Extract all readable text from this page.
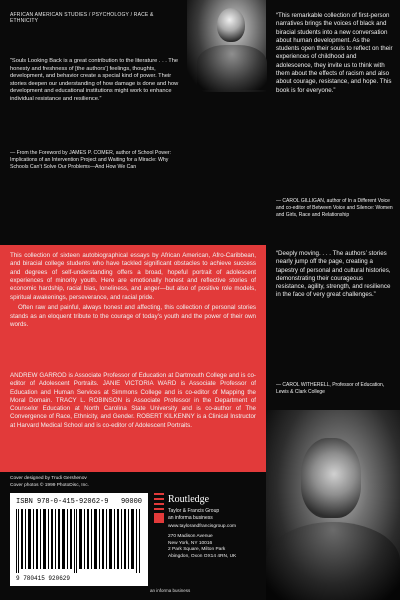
AFRICAN AMERICAN STUDIES / PSYCHOLOGY / RACE & ETHNICITY
“Souls Looking Back is a great contribution to the literature . . . The honesty and freshness of [the authors’] feelings, thoughts, development, and behavior create a special kind of power. Their stories deepen our understanding of how damage is done and how development and educational institutions might work to enhance individual resistance and resilience.”
— From the Foreword by JAMES P. COMER, author of School Power: Implications of an Intervention Project and Waiting for a Miracle: Why Schools Can’t Solve Our Problems—And How We Can

This collection of sixteen autobiographical essays by African American, Afro-Caribbean, and biracial college students who have tackled significant obstacles to achieve success and degrees of self-understanding offers a broad, hopeful portrait of adolescent experiences of minority youth. Here are emotionally honest and reflective stories of economic hardship, racial bias, loneliness, and anger—but also of positive role models, spiritual awakenings, perseverance, and racial pride.

Often raw and painful, always honest and affecting, this collection of personal stories stands as an eloquent tribute to the courage of today’s youth and the power of their own words.

ANDREW GARROD is Associate Professor of Education at Dartmouth College and is co-editor of Adolescent Portraits. JANIE VICTORIA WARD is Associate Professor of Education and Human Services at Simmons College and is co-editor of Mapping the Moral Domain. TRACY L. ROBINSON is Associate Professor in the Department of Counselor Education at North Carolina State University and is co-author of The Convergence of Race, Ethnicity, and Gender. ROBERT KILKENNY is a Clinical Instructor at Harvard Medical School and is co-editor of Adolescent Portraits.
Cover designed by Trudi Gershenov
Cover photos © 1999 PhotoDisc, Inc.
ISBN 978-0-415-92062-9 90000
9 780415 920629
Routledge
Taylor & Francis Group
an informa business
www.taylorandfrancisgroup.com
270 Madison Avenue
New York, NY 10016
2 Park Square, Milton Park
Abingdon, Oxon OX14 4RN, UK
an informa business
“This remarkable collection of first-person narratives brings the voices of black and biracial students into a new conversation about human development. As the students open their souls to reflect on their experiences of childhood and adolescence, they invite us to think with them about the effects of racism and also about courage, resistance, and hope. This book is for everyone.”
— CAROL GILLIGAN, author of In a Different Voice and co-editor of Between Voice and Silence: Women and Girls, Race and Relationship
“Deeply moving. . . . The authors’ stories nearly jump off the page, creating a tapestry of personal and cultural histories, demonstrating their courageous resistance, agility, strength, and resilience in the face of very great challenges.”
— CAROL WITHERELL, Professor of Education, Lewis & Clark College
